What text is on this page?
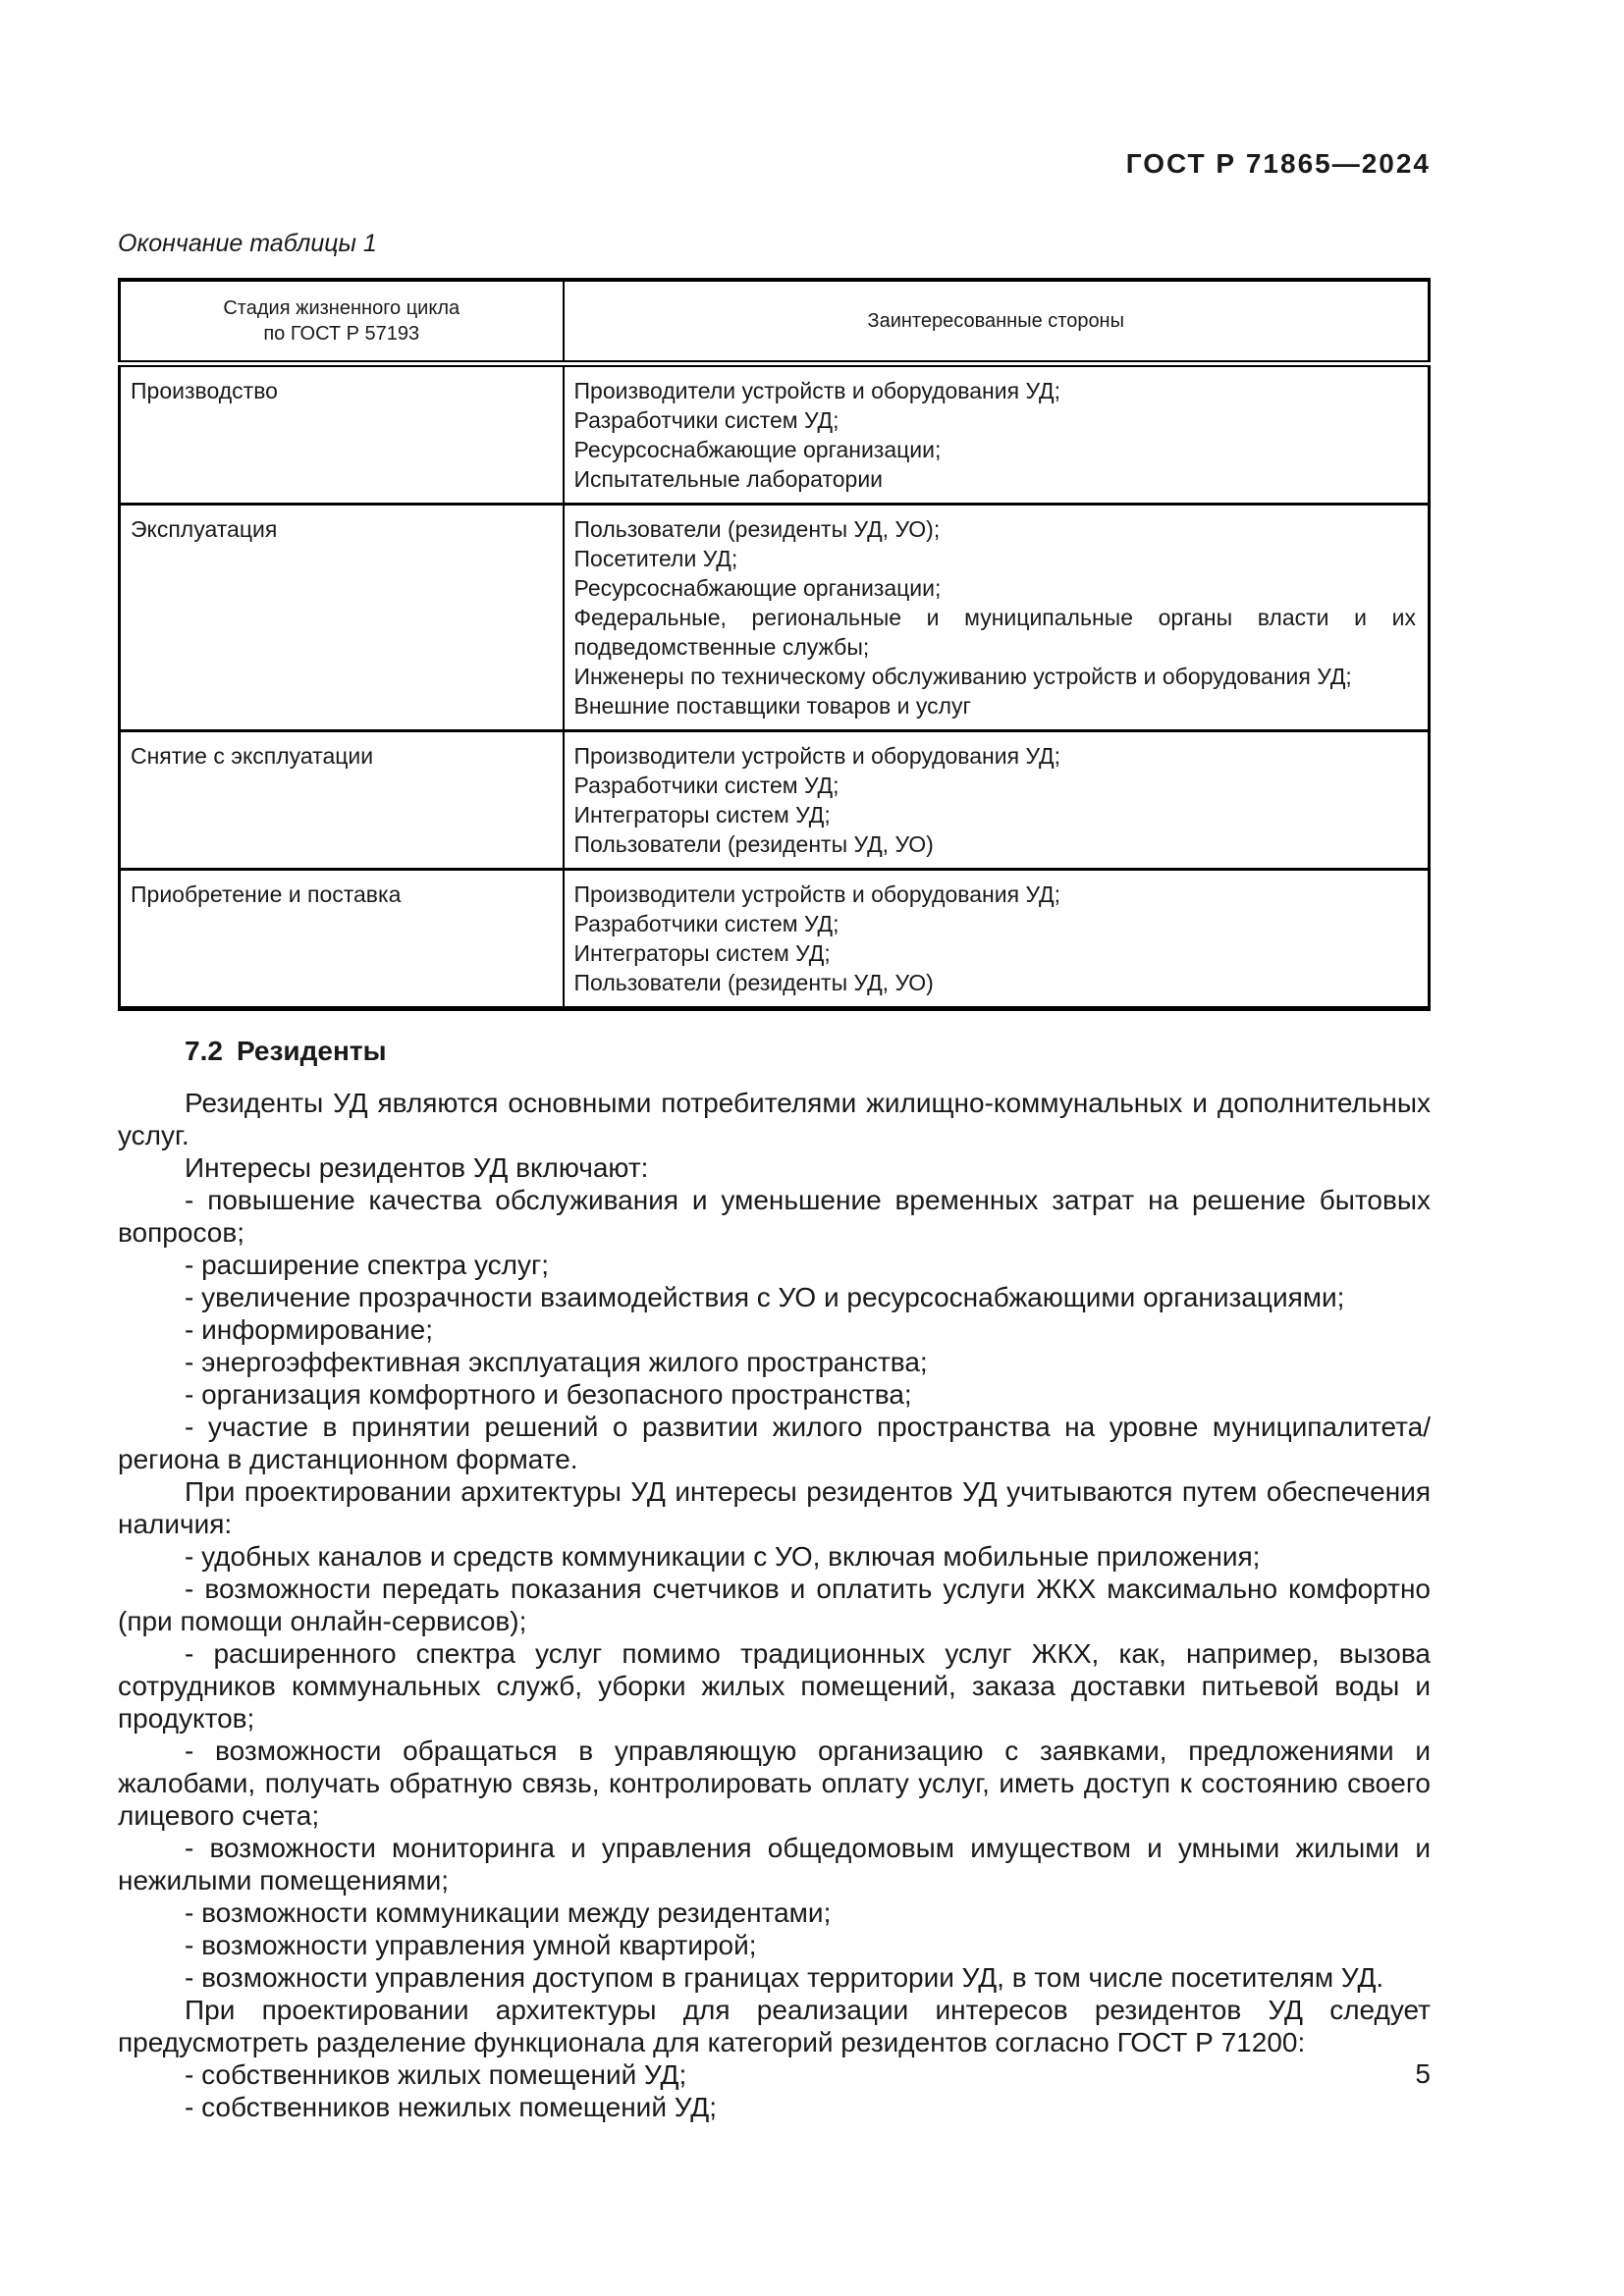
ГОСТ Р 71865—2024
Окончание таблицы 1
Стадия жизненного цикла
по ГОСТ Р 57193	Заинтересованные стороны
Производство	Производители устройств и оборудования УД;
Разработчики систем УД;
Ресурсоснабжающие организации;
Испытательные лаборатории

Эксплуатация	Пользователи (резиденты УД, УО);
Посетители УД;
Ресурсоснабжающие организации;
Федеральные, региональные и муниципальные органы власти и их подведомственные службы;
Инженеры по техническому обслуживанию устройств и оборудования УД;
Внешние поставщики товаров и услуг

Снятие с эксплуатации	Производители устройств и оборудования УД;
Разработчики систем УД;
Интеграторы систем УД;
Пользователи (резиденты УД, УО)

Приобретение и поставка	Производители устройств и оборудования УД;
Разработчики систем УД;
Интеграторы систем УД;
Пользователи (резиденты УД, УО)
7.2 Резиденты

Резиденты УД являются основными потребителями жилищно-коммунальных и дополнительных услуг.

Интересы резидентов УД включают:

- повышение качества обслуживания и уменьшение временных затрат на решение бытовых вопросов;

- расширение спектра услуг;

- увеличение прозрачности взаимодействия с УО и ресурсоснабжающими организациями;

- информирование;

- энергоэффективная эксплуатация жилого пространства;

- организация комфортного и безопасного пространства;

- участие в принятии решений о развитии жилого пространства на уровне муниципалитета/региона в дистанционном формате.

При проектировании архитектуры УД интересы резидентов УД учитываются путем обеспечения наличия:

- удобных каналов и средств коммуникации с УО, включая мобильные приложения;

- возможности передать показания счетчиков и оплатить услуги ЖКХ максимально комфортно (при помощи онлайн-сервисов);

- расширенного спектра услуг помимо традиционных услуг ЖКХ, как, например, вызова сотрудников коммунальных служб, уборки жилых помещений, заказа доставки питьевой воды и продуктов;

- возможности обращаться в управляющую организацию с заявками, предложениями и жалобами, получать обратную связь, контролировать оплату услуг, иметь доступ к состоянию своего лицевого счета;

- возможности мониторинга и управления общедомовым имуществом и умными жилыми и нежилыми помещениями;

- возможности коммуникации между резидентами;

- возможности управления умной квартирой;

- возможности управления доступом в границах территории УД, в том числе посетителям УД.

При проектировании архитектуры для реализации интересов резидентов УД следует предусмотреть разделение функционала для категорий резидентов согласно ГОСТ Р 71200:

- собственников жилых помещений УД;

- собственников нежилых помещений УД;

5
